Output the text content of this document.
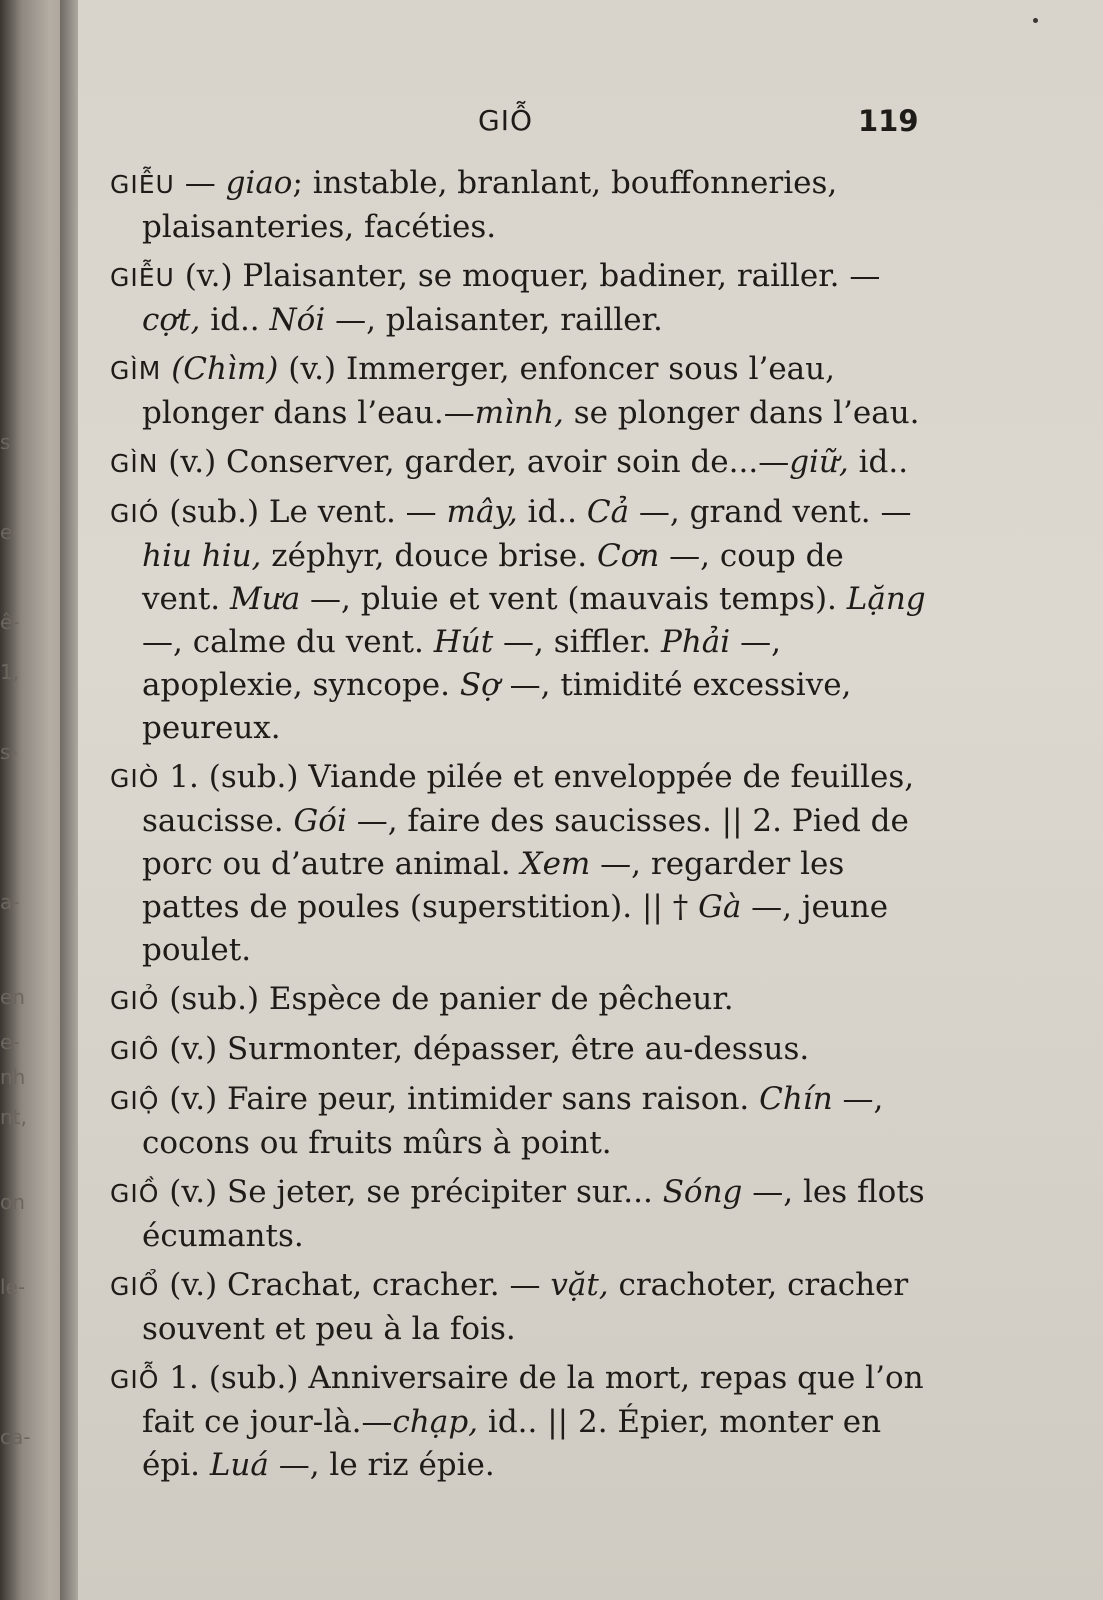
s
e
ê-
1,
s-
a-
en
e-
nh
nt,
on
le-
ca-
GIỖ	119
GIỄU — giao; instable, branlant, bouffonneries, plaisanteries, facéties.
GIỄU (v.) Plaisanter, se moquer, badiner, railler. —cợt, id.. Nói —, plaisanter, railler.
GÌM (Chìm) (v.) Immerger, enfoncer sous l’eau, plonger dans l’eau.—mình, se plonger dans l’eau.
GÌN (v.) Conserver, garder, avoir soin de...—giữ, id..
GIÓ (sub.) Le vent. — mây, id.. Cả —, grand vent. — hiu hiu, zéphyr, douce brise. Cơn —, coup de vent. Mưa —, pluie et vent (mauvais temps). Lặng —, calme du vent. Hút —, siffler. Phải —, apoplexie, syncope. Sợ —, timidité excessive, peureux.
GIÒ 1. (sub.) Viande pilée et enveloppée de feuilles, saucisse. Gói —, faire des saucisses. || 2. Pied de porc ou d’autre animal. Xem —, regarder les pattes de poules (superstition). || † Gà —, jeune poulet.
GIỎ (sub.) Espèce de panier de pêcheur.
GIÔ (v.) Surmonter, dépasser, être au-dessus.
GIỘ (v.) Faire peur, intimider sans raison. Chín —, cocons ou fruits mûrs à point.
GIỒ (v.) Se jeter, se précipiter sur... Sóng —, les flots écumants.
GIỔ (v.) Crachat, cracher. — vặt, crachoter, cracher souvent et peu à la fois.
GIỖ 1. (sub.) Anniversaire de la mort, repas que l’on fait ce jour-là.—chạp, id.. || 2. Épier, monter en épi. Luá —, le riz épie.
